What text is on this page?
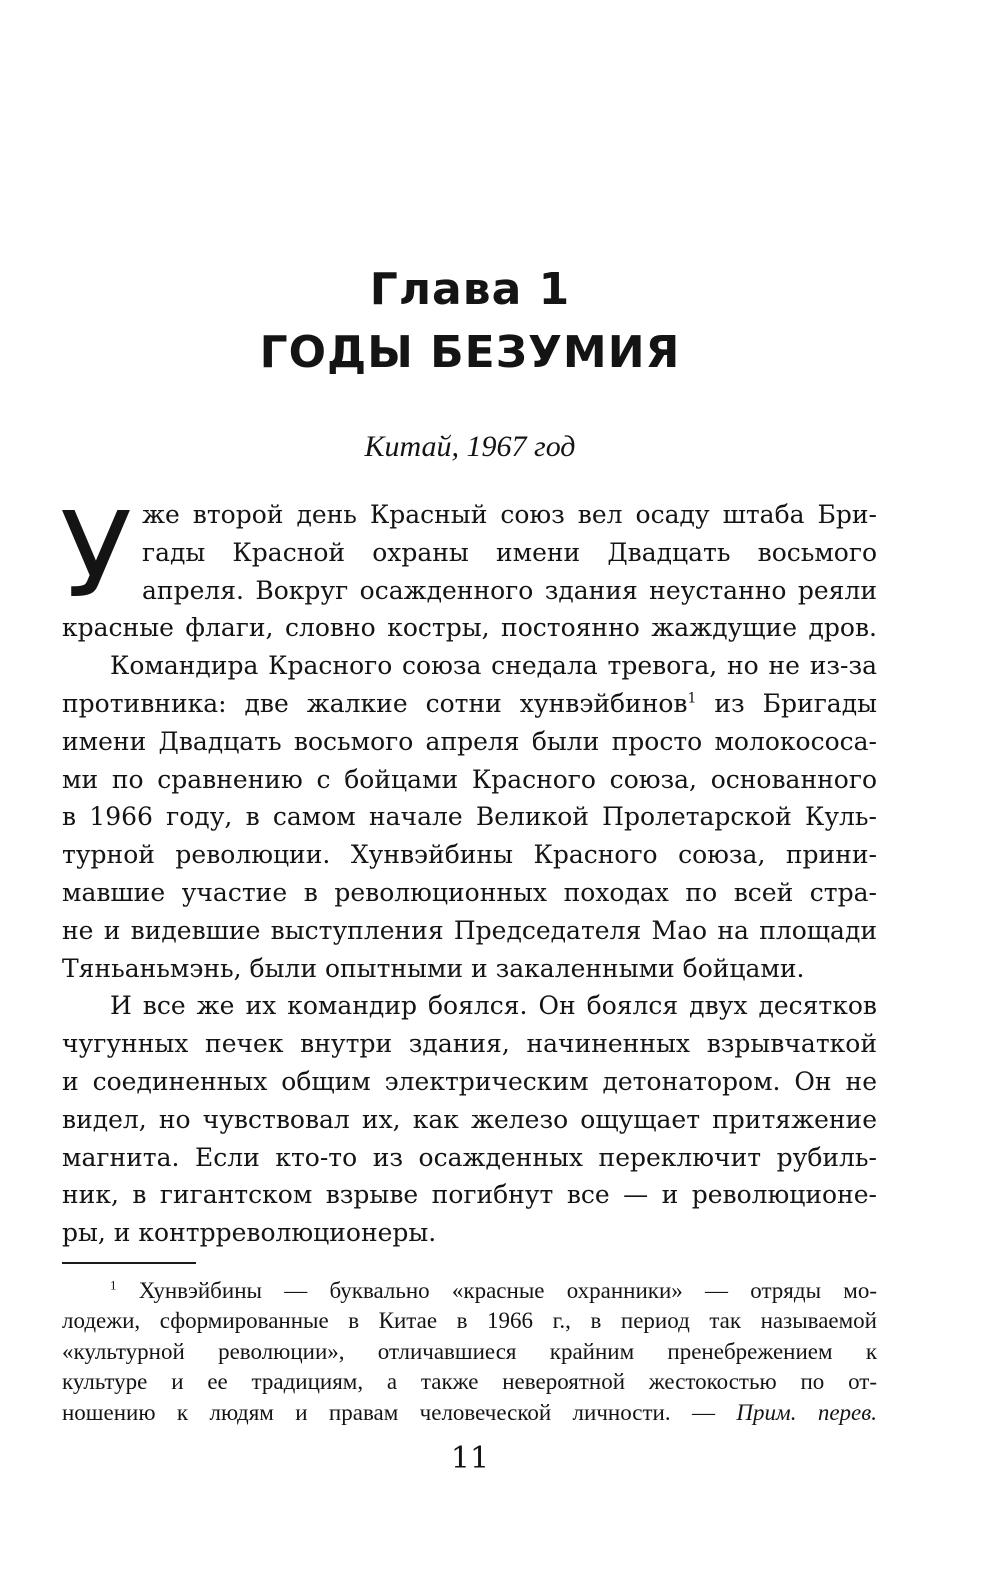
Глава 1
ГОДЫ БЕЗУМИЯ
Китай, 1967 год
У же второй день Красный союз вел осаду штаба Бри-
гады Красной охраны имени Двадцать восьмого
апреля. Вокруг осажденного здания неустанно реяли
красные флаги, словно костры, постоянно жаждущие дров.
Командира Красного союза снедала тревога, но не из-за
противника: две жалкие сотни хунвэйбинов$^1$ из Бригады
имени Двадцать восьмого апреля были просто молокососа-
ми по сравнению с бойцами Красного союза, основанного
в 1966 году, в самом начале Великой Пролетарской Куль-
турной революции. Хунвэйбины Красного союза, прини-
мавшие участие в революционных походах по всей стра-
не и видевшие выступления Председателя Мао на площади
Тяньаньмэнь, были опытными и закаленными бойцами.
И все же их командир боялся. Он боялся двух десятков
чугунных печек внутри здания, начиненных взрывчаткой
и соединенных общим электрическим детонатором. Он не
видел, но чувствовал их, как железо ощущает притяжение
магнита. Если кто-то из осажденных переключит рубиль-
ник, в гигантском взрыве погибнут все — и революционе-
ры, и контрреволюционеры.
$^1$ Хунвэйбины — буквально «красные охранники» — отряды мо-
лодежи, сформированные в Китае в 1966 г., в период так называемой
«культурной революции», отличавшиеся крайним пренебрежением к
культуре и ее традициям, а также невероятной жестокостью по от-
ношению к людям и правам человеческой личности. — Прим. перев.
11
